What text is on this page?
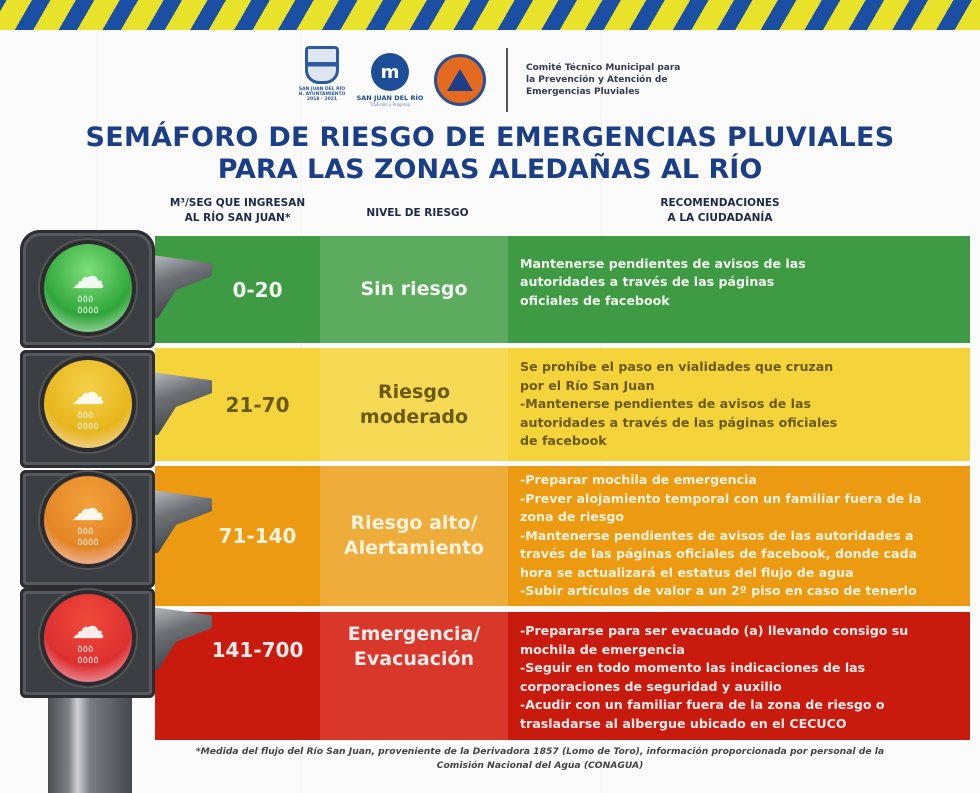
SAN JUAN DEL RÍO H. AYUNTAMIENTO 2018 - 2021
m
SAN JUAN DEL RÍO
Tradición y Progreso
Comité Técnico Municipal para
la Prevención y Atención de
Emergencias Pluviales
SEMÁFORO DE RIESGO DE EMERGENCIAS PLUVIALES
PARA LAS ZONAS ALEDAÑAS AL RÍO
M³/SEG QUE INGRESAN
AL RÍO SAN JUAN*	NIVEL DE RIESGO
RECOMENDACIONES
A LA CIUDADANÍA
0-20	Sin riesgo
Mantenerse pendientes de avisos de las
autoridades a través de las páginas
oficiales de facebook
21-70
Riesgo
moderado
Se prohíbe el paso en vialidades que cruzan
por el Río San Juan
-Mantenerse pendientes de avisos de las
autoridades a través de las páginas oficiales
de facebook
71-140
Riesgo alto/
Alertamiento
-Preparar mochila de emergencia
-Prever alojamiento temporal con un familiar fuera de la
zona de riesgo
-Mantenerse pendientes de avisos de las autoridades a
través de las páginas oficiales de facebook, donde cada
hora se actualizará el estatus del flujo de agua
-Subir artículos de valor a un 2º piso en caso de tenerlo
141-700
Emergencia/
Evacuación
-Prepararse para ser evacuado (a) llevando consigo su
mochila de emergencia
-Seguir en todo momento las indicaciones de las
corporaciones de seguridad y auxilio
-Acudir con un familiar fuera de la zona de riesgo o
trasladarse al albergue ubicado en el CECUCO
☁
٥٥٥
٥٥٥٥
☁
٥٥٥
٥٥٥٥
☁
٥٥٥
٥٥٥٥
☁
٥٥٥
٥٥٥٥
*Medida del flujo del Río San Juan, proveniente de la Derivadora 1857 (Lomo de Toro), información proporcionada por personal de la
Comisión Nacional del Agua (CONAGUA)
